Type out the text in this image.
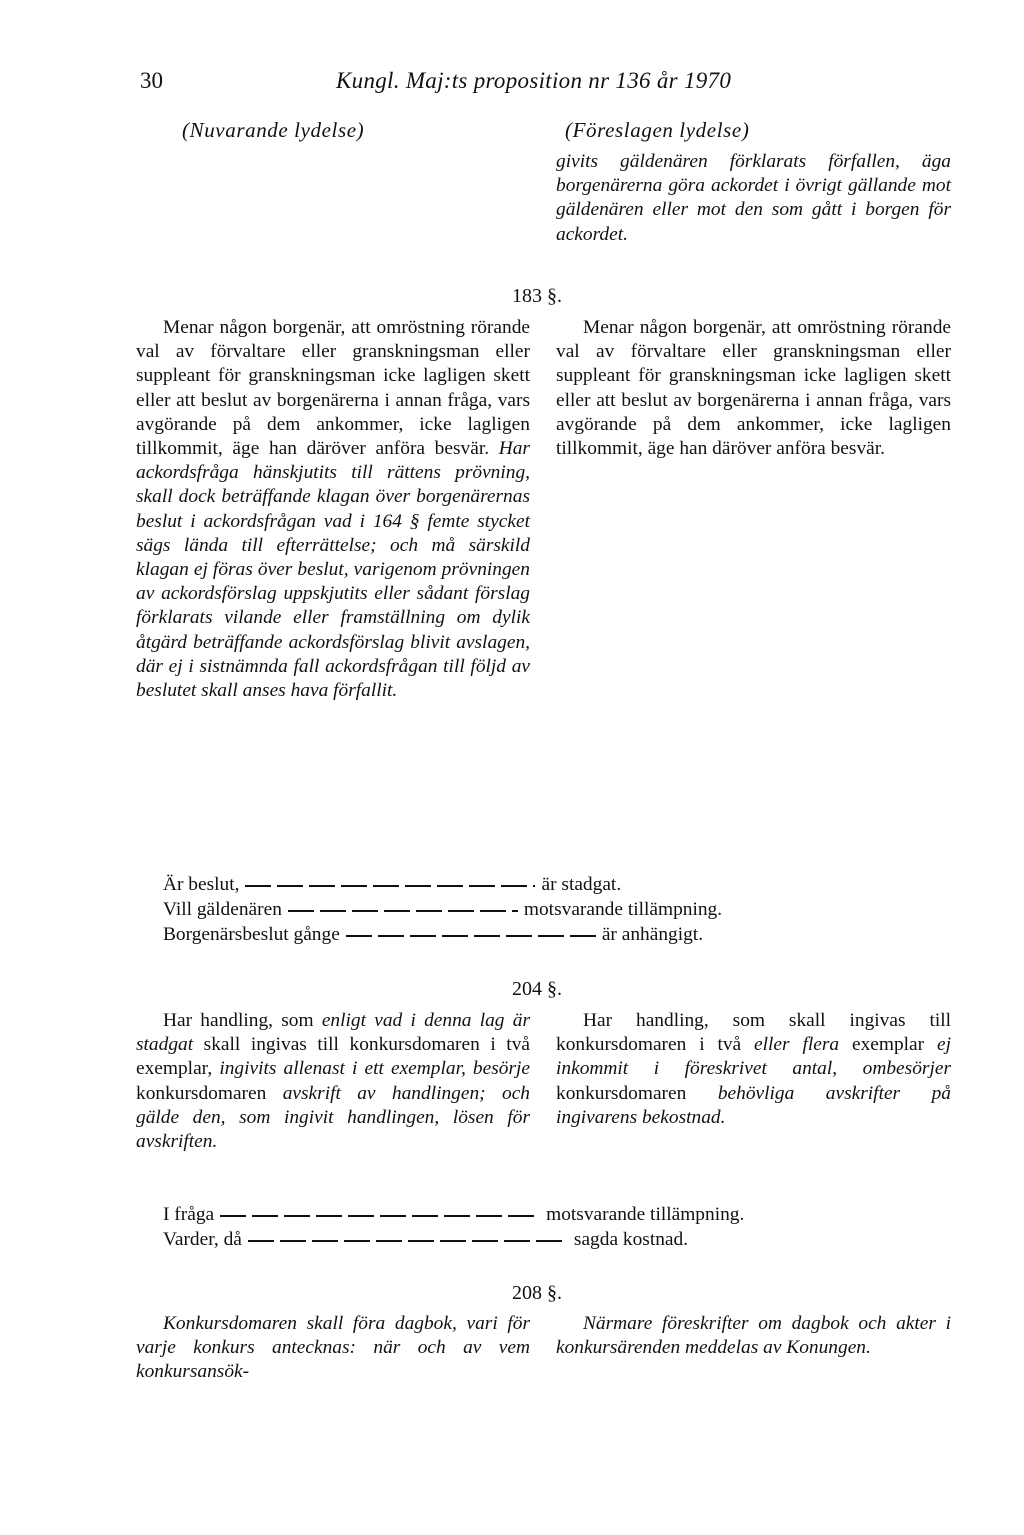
30	Kungl. Maj:ts proposition nr 136 år 1970
(Nuvarande lydelse)	(Föreslagen lydelse)

givits gäldenären förklarats förfallen, äga borgenärerna göra ackordet i övrigt gällande mot gäldenären eller mot den som gått i borgen för ackordet.

183 §.

Menar någon borgenär, att omröstning rörande val av förvaltare eller granskningsman eller suppleant för granskningsman icke lagligen skett eller att beslut av borgenärerna i annan fråga, vars avgörande på dem ankommer, icke lagligen tillkommit, äge han däröver anföra besvär. Har ackordsfråga hänskjutits till rättens prövning, skall dock beträffande klagan över borgenärernas beslut i ackordsfrågan vad i 164 § femte stycket sägs lända till efterrättelse; och må särskild klagan ej föras över beslut, varigenom prövningen av ackordsförslag uppskjutits eller sådant förslag förklarats vilande eller framställning om dylik åtgärd beträffande ackordsförslag blivit avslagen, där ej i sistnämnda fall ackordsfrågan till följd av beslutet skall anses hava förfallit.

Menar någon borgenär, att omröstning rörande val av förvaltare eller granskningsman eller suppleant för granskningsman icke lagligen skett eller att beslut av borgenärerna i annan fråga, vars avgörande på dem ankommer, icke lagligen tillkommit, äge han däröver anföra besvär.

Är beslut,	är stadgat.
Vill gäldenären	motsvarande tillämpning.
Borgenärsbeslut gånge	är anhängigt.
204 §.

Har handling, som enligt vad i denna lag är stadgat skall ingivas till konkursdomaren i två exemplar, ingivits allenast i ett exemplar, besörje konkursdomaren avskrift av handlingen; och gälde den, som ingivit handlingen, lösen för avskriften.

Har handling, som skall ingivas till konkursdomaren i två eller flera exemplar ej inkommit i föreskrivet antal, ombesörjer konkursdomaren behövliga avskrifter på ingivarens bekostnad.

I fråga	motsvarande tillämpning.
Varder, då	sagda kostnad.
208 §.

Konkursdomaren skall föra dagbok, vari för varje konkurs antecknas: när och av vem konkursansök-

Närmare föreskrifter om dagbok och akter i konkursärenden meddelas av Konungen.
